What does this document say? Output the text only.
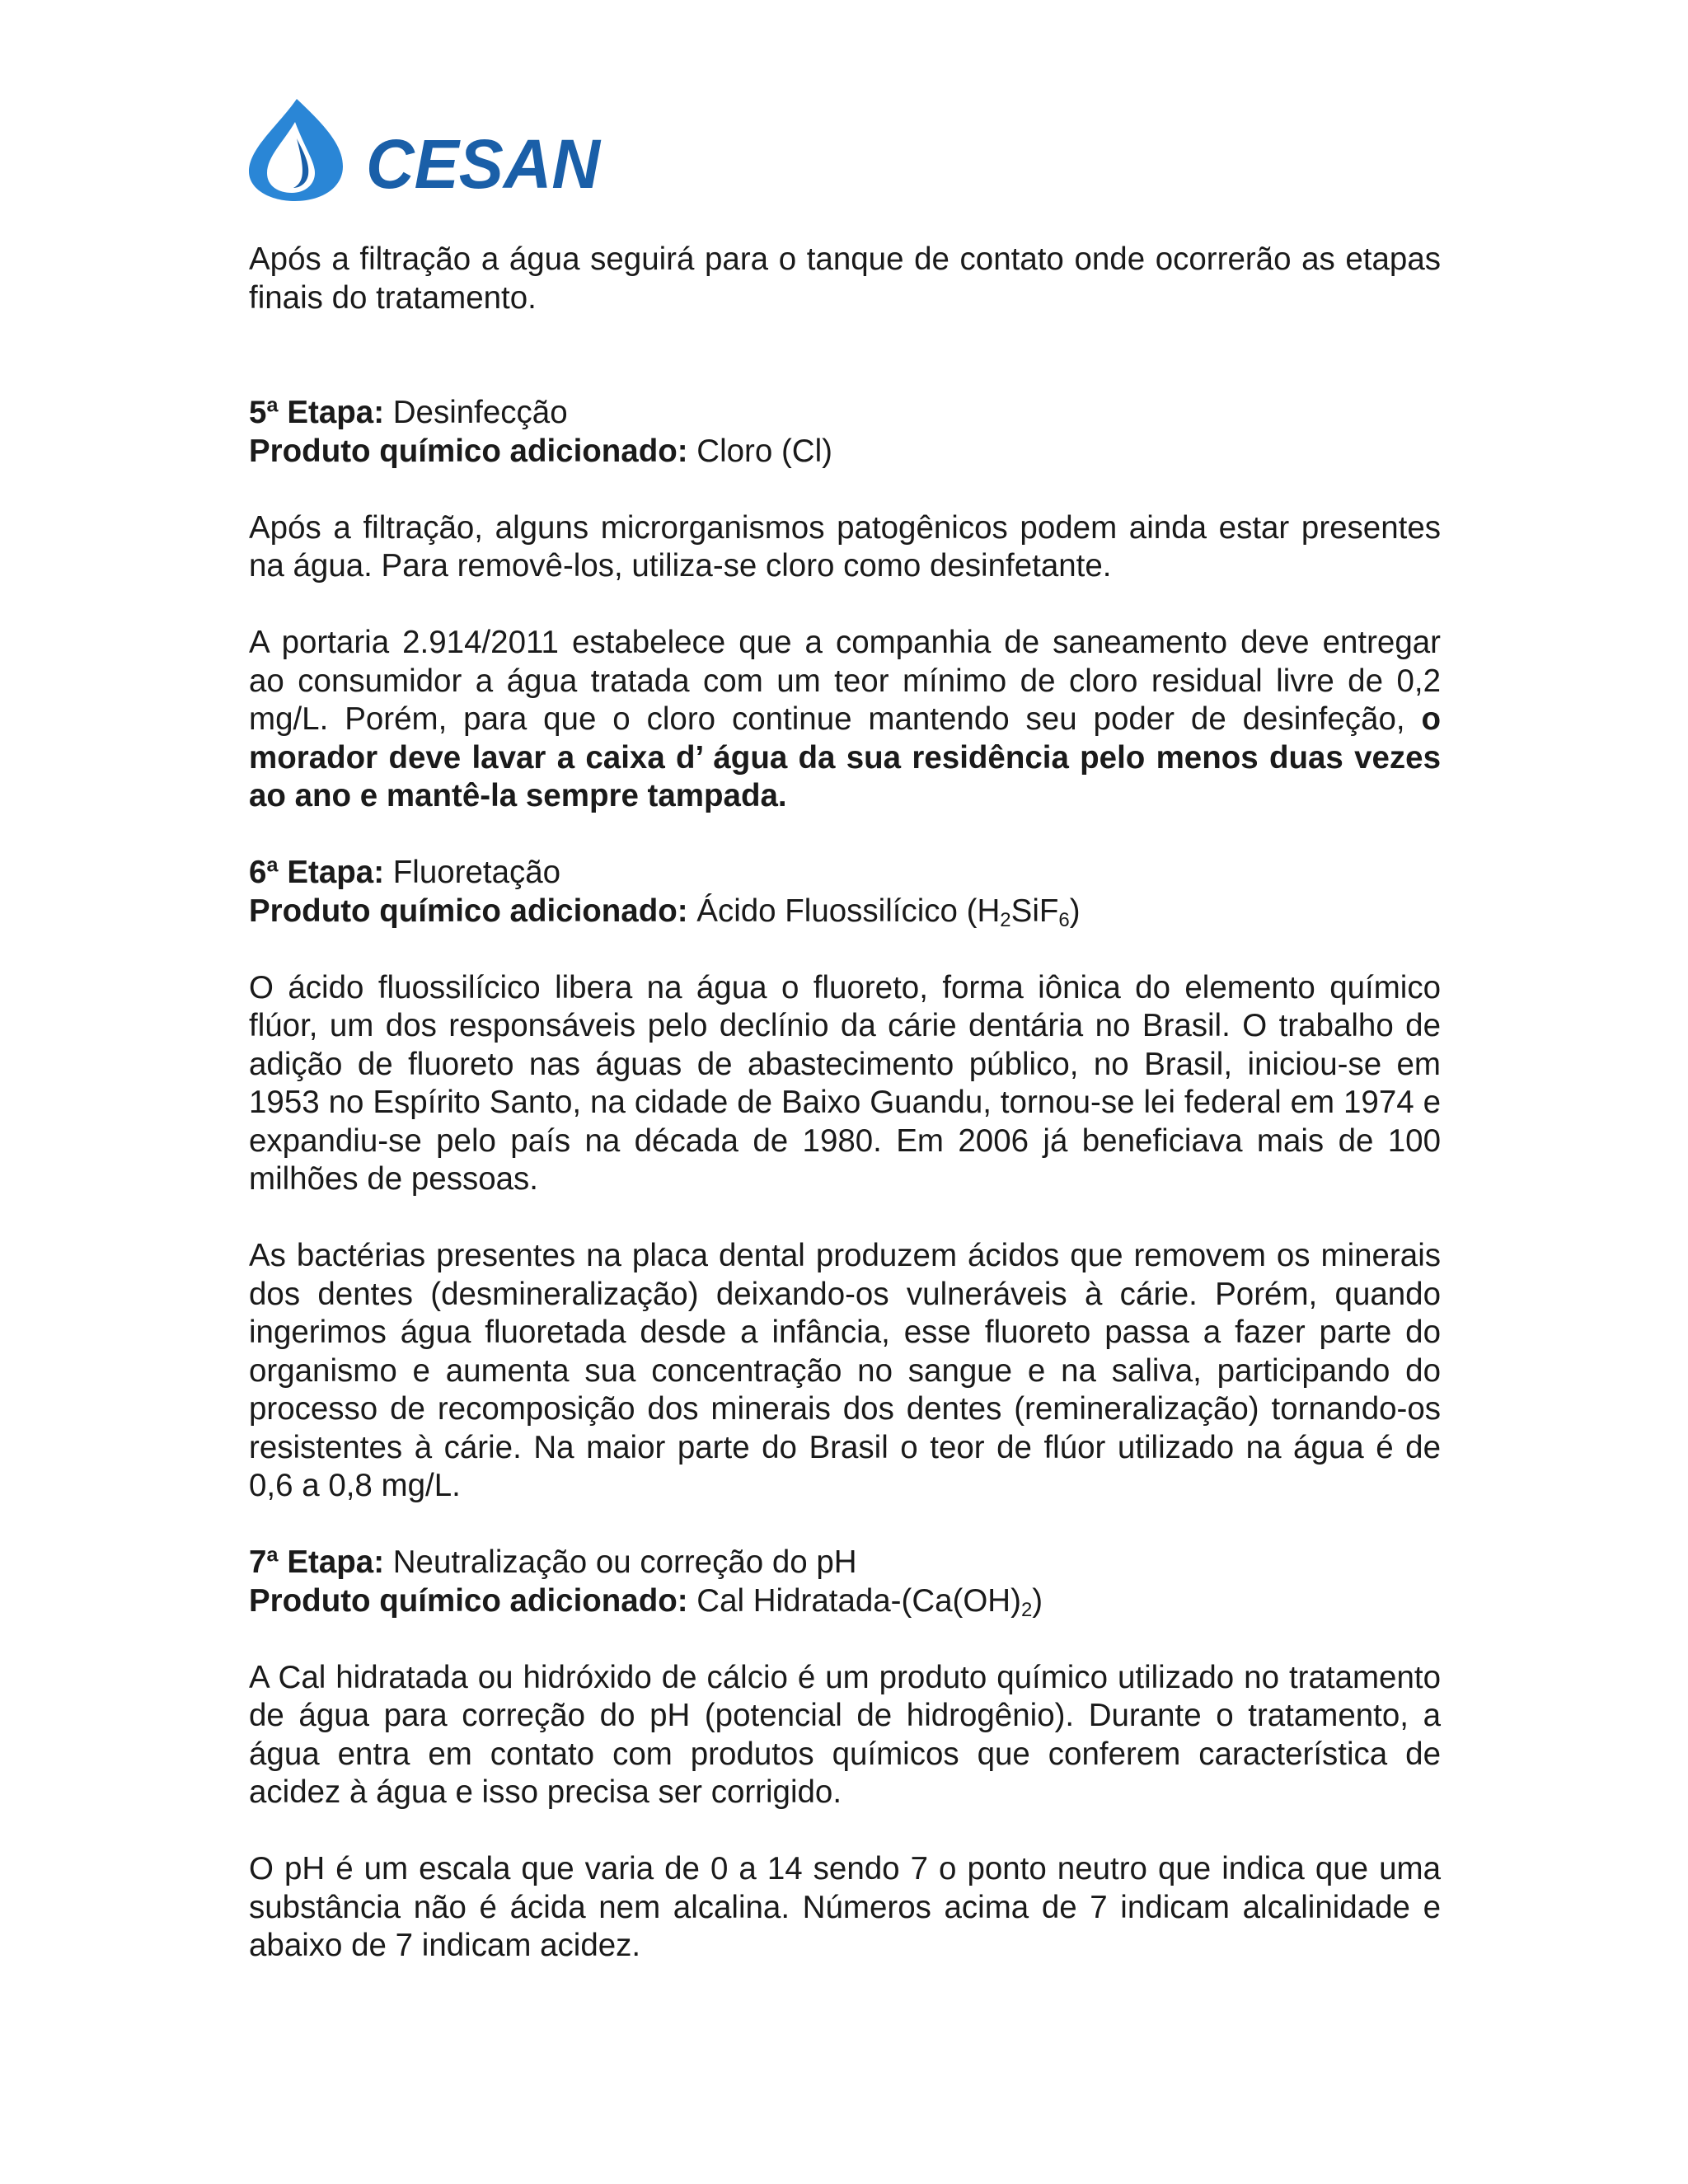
CESAN

Após a filtração a água seguirá para o tanque de contato onde ocorrerão as etapas finais do tratamento.

5ª Etapa: Desinfecção

Produto químico adicionado: Cloro (Cl)

Após a filtração, alguns microrganismos patogênicos podem ainda estar presentes na água. Para removê-los, utiliza-se cloro como desinfetante.

A portaria 2.914/2011 estabelece que a companhia de saneamento deve entregar ao consumidor a água tratada com um teor mínimo de cloro residual livre de 0,2 mg/L. Porém, para que o cloro continue mantendo seu poder de desinfeção, o morador deve lavar a caixa d’ água da sua residência pelo menos duas vezes ao ano e mantê-la sempre tampada.

6ª Etapa: Fluoretação

Produto químico adicionado: Ácido Fluossilícico $(H_2SiF_6)$

O ácido fluossilícico libera na água o fluoreto, forma iônica do elemento químico flúor, um dos responsáveis pelo declínio da cárie dentária no Brasil. O trabalho de adição de fluoreto nas águas de abastecimento público, no Brasil, iniciou-se em 1953 no Espírito Santo, na cidade de Baixo Guandu, tornou-se lei federal em 1974 e expandiu-se pelo país na década de 1980. Em 2006 já beneficiava mais de 100 milhões de pessoas.

As bactérias presentes na placa dental produzem ácidos que removem os minerais dos dentes (desmineralização) deixando-os vulneráveis à cárie. Porém, quando ingerimos água fluoretada desde a infância, esse fluoreto passa a fazer parte do organismo e aumenta sua concentração no sangue e na saliva, participando do processo de recomposição dos minerais dos dentes (remineralização) tornando-os resistentes à cárie. Na maior parte do Brasil o teor de flúor utilizado na água é de 0,6 a 0,8 mg/L.

7ª Etapa: Neutralização ou correção do pH

Produto químico adicionado: Cal Hidratada-$(Ca(OH)_2)$

A Cal hidratada ou hidróxido de cálcio é um produto químico utilizado no tratamento de água para correção do pH (potencial de hidrogênio). Durante o tratamento, a água entra em contato com produtos químicos que conferem característica de acidez à água e isso precisa ser corrigido.

O pH é um escala que varia de 0 a 14 sendo 7 o ponto neutro que indica que uma substância não é ácida nem alcalina. Números acima de 7 indicam alcalinidade e abaixo de 7 indicam acidez.
